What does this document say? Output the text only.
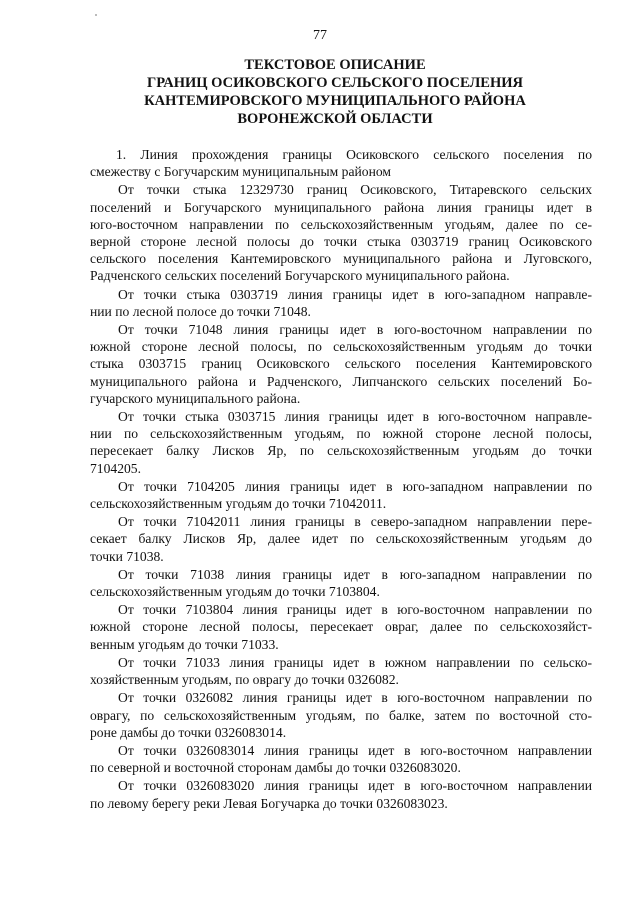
77
ТЕКСТОВОЕ ОПИСАНИЕ
ГРАНИЦ ОСИКОВСКОГО СЕЛЬСКОГО ПОСЕЛЕНИЯ
КАНТЕМИРОВСКОГО МУНИЦИПАЛЬНОГО РАЙОНА
ВОРОНЕЖСКОЙ ОБЛАСТИ
1. Линия прохождения границы Осиковского сельского поселения по
смежеству с Богучарским муниципальным районом
От точки стыка 12329730 границ Осиковского, Титаревского сельских
поселений и Богучарского муниципального района линия границы идет в
юго-восточном направлении по сельскохозяйственным угодьям, далее по се-
верной стороне лесной полосы до точки стыка 0303719 границ Осиковского
сельского поселения Кантемировского муниципального района и Луговского,
Радченского сельских поселений Богучарского муниципального района.
От точки стыка 0303719 линия границы идет в юго-западном направле-
нии по лесной полосе до точки 71048.
От точки 71048 линия границы идет в юго-восточном направлении по
южной стороне лесной полосы, по сельскохозяйственным угодьям до точки
стыка 0303715 границ Осиковского сельского поселения Кантемировского
муниципального района и Радченского, Липчанского сельских поселений Бо-
гучарского муниципального района.
От точки стыка 0303715 линия границы идет в юго-восточном направле-
нии по сельскохозяйственным угодьям, по южной стороне лесной полосы,
пересекает балку Лисков Яр, по сельскохозяйственным угодьям до точки
7104205.
От точки 7104205 линия границы идет в юго-западном направлении по
сельскохозяйственным угодьям до точки 71042011.
От точки 71042011 линия границы в северо-западном направлении пере-
секает балку Лисков Яр, далее идет по сельскохозяйственным угодьям до
точки 71038.
От точки 71038 линия границы идет в юго-западном направлении по
сельскохозяйственным угодьям до точки 7103804.
От точки 7103804 линия границы идет в юго-восточном направлении по
южной стороне лесной полосы, пересекает овраг, далее по сельскохозяйст-
венным угодьям до точки 71033.
От точки 71033 линия границы идет в южном направлении по сельско-
хозяйственным угодьям, по оврагу до точки 0326082.
От точки 0326082 линия границы идет в юго-восточном направлении по
оврагу, по сельскохозяйственным угодьям, по балке, затем по восточной сто-
роне дамбы до точки 0326083014.
От точки 0326083014 линия границы идет в юго-восточном направлении
по северной и восточной сторонам дамбы до точки 0326083020.
От точки 0326083020 линия границы идет в юго-восточном направлении
по левому берегу реки Левая Богучарка до точки 0326083023.
